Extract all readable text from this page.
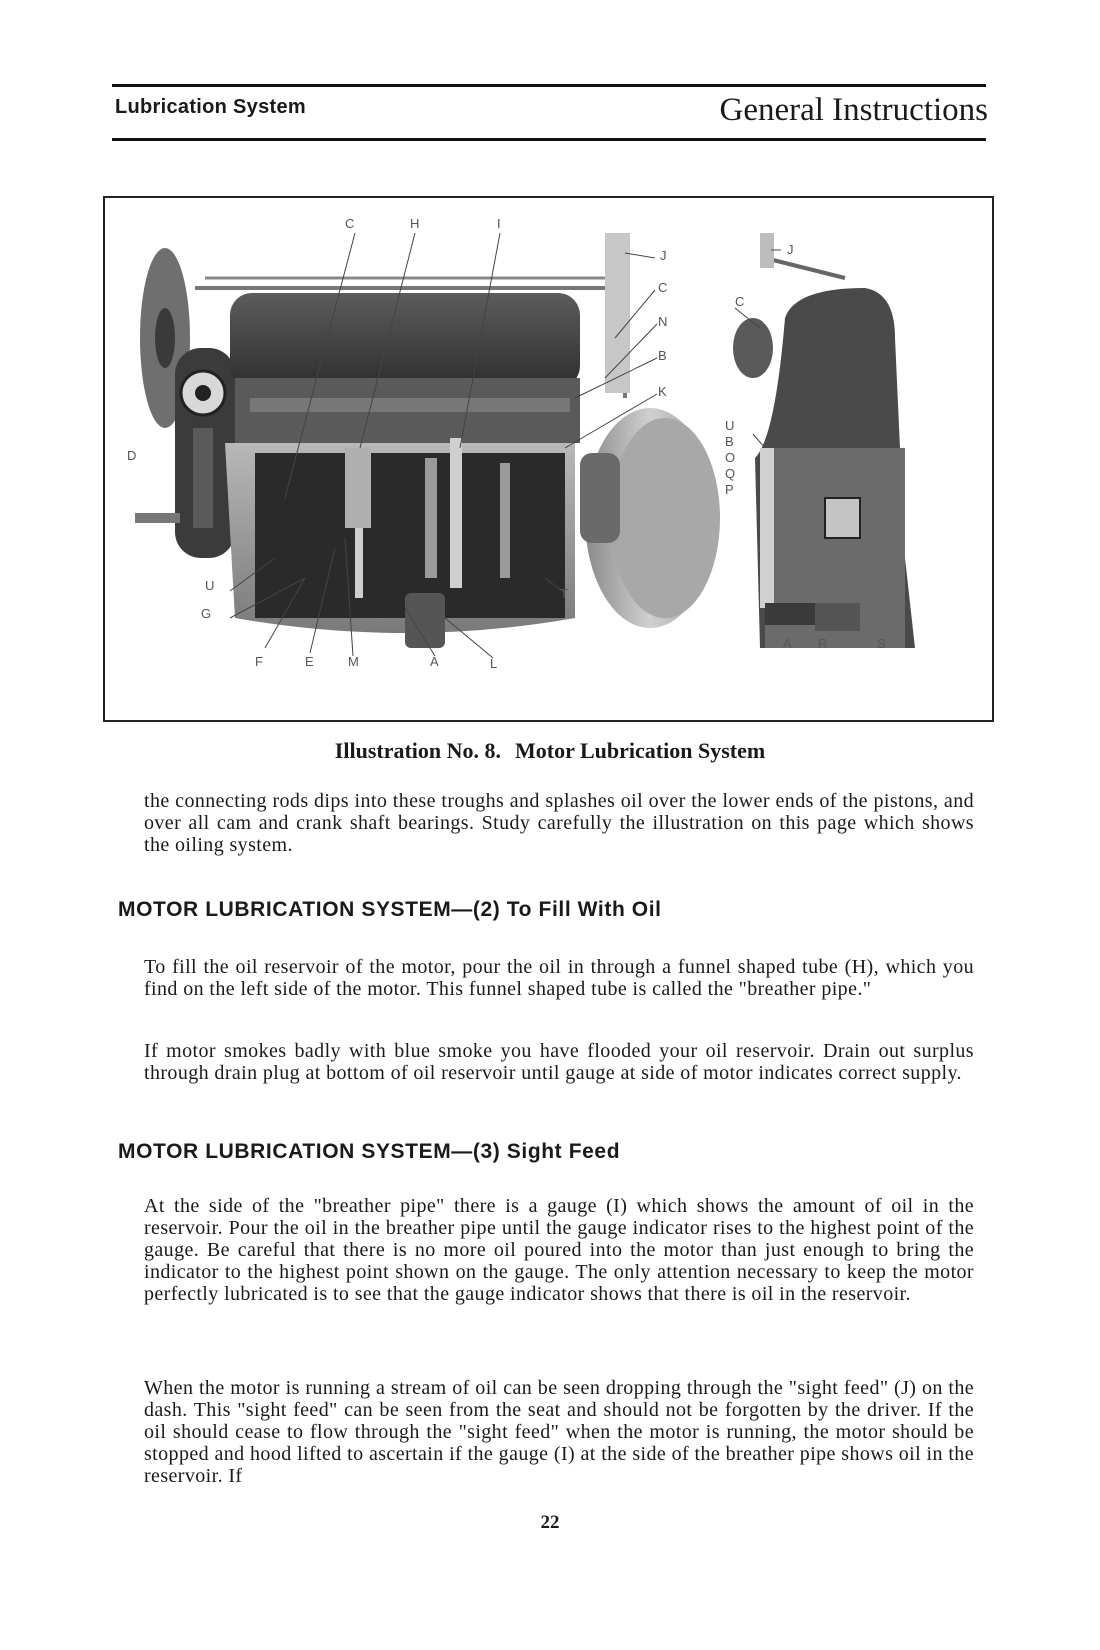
Lubrication System	General Instructions
C	H	I
J
C
N
B
K
D
U
G
T
F	E	M	A	L
J
C
U
B
O
Q
P
A R	S
Illustration No. 8. Motor Lubrication System
the connecting rods dips into these troughs and splashes oil over the lower ends of the pistons, and over all cam and crank shaft bearings. Study carefully the illustration on this page which shows the oiling system.
MOTOR LUBRICATION SYSTEM—(2) To Fill With Oil
To fill the oil reservoir of the motor, pour the oil in through a funnel shaped tube (H), which you find on the left side of the motor. This funnel shaped tube is called the "breather pipe."
If motor smokes badly with blue smoke you have flooded your oil reservoir. Drain out surplus through drain plug at bottom of oil reservoir until gauge at side of motor indicates correct supply.
MOTOR LUBRICATION SYSTEM—(3) Sight Feed
At the side of the "breather pipe" there is a gauge (I) which shows the amount of oil in the reservoir. Pour the oil in the breather pipe until the gauge indicator rises to the highest point of the gauge. Be careful that there is no more oil poured into the motor than just enough to bring the indicator to the highest point shown on the gauge. The only attention necessary to keep the motor perfectly lubricated is to see that the gauge indicator shows that there is oil in the reservoir.
When the motor is running a stream of oil can be seen dropping through the "sight feed" (J) on the dash. This "sight feed" can be seen from the seat and should not be forgotten by the driver. If the oil should cease to flow through the "sight feed" when the motor is running, the motor should be stopped and hood lifted to ascertain if the gauge (I) at the side of the breather pipe shows oil in the reservoir. If
22
